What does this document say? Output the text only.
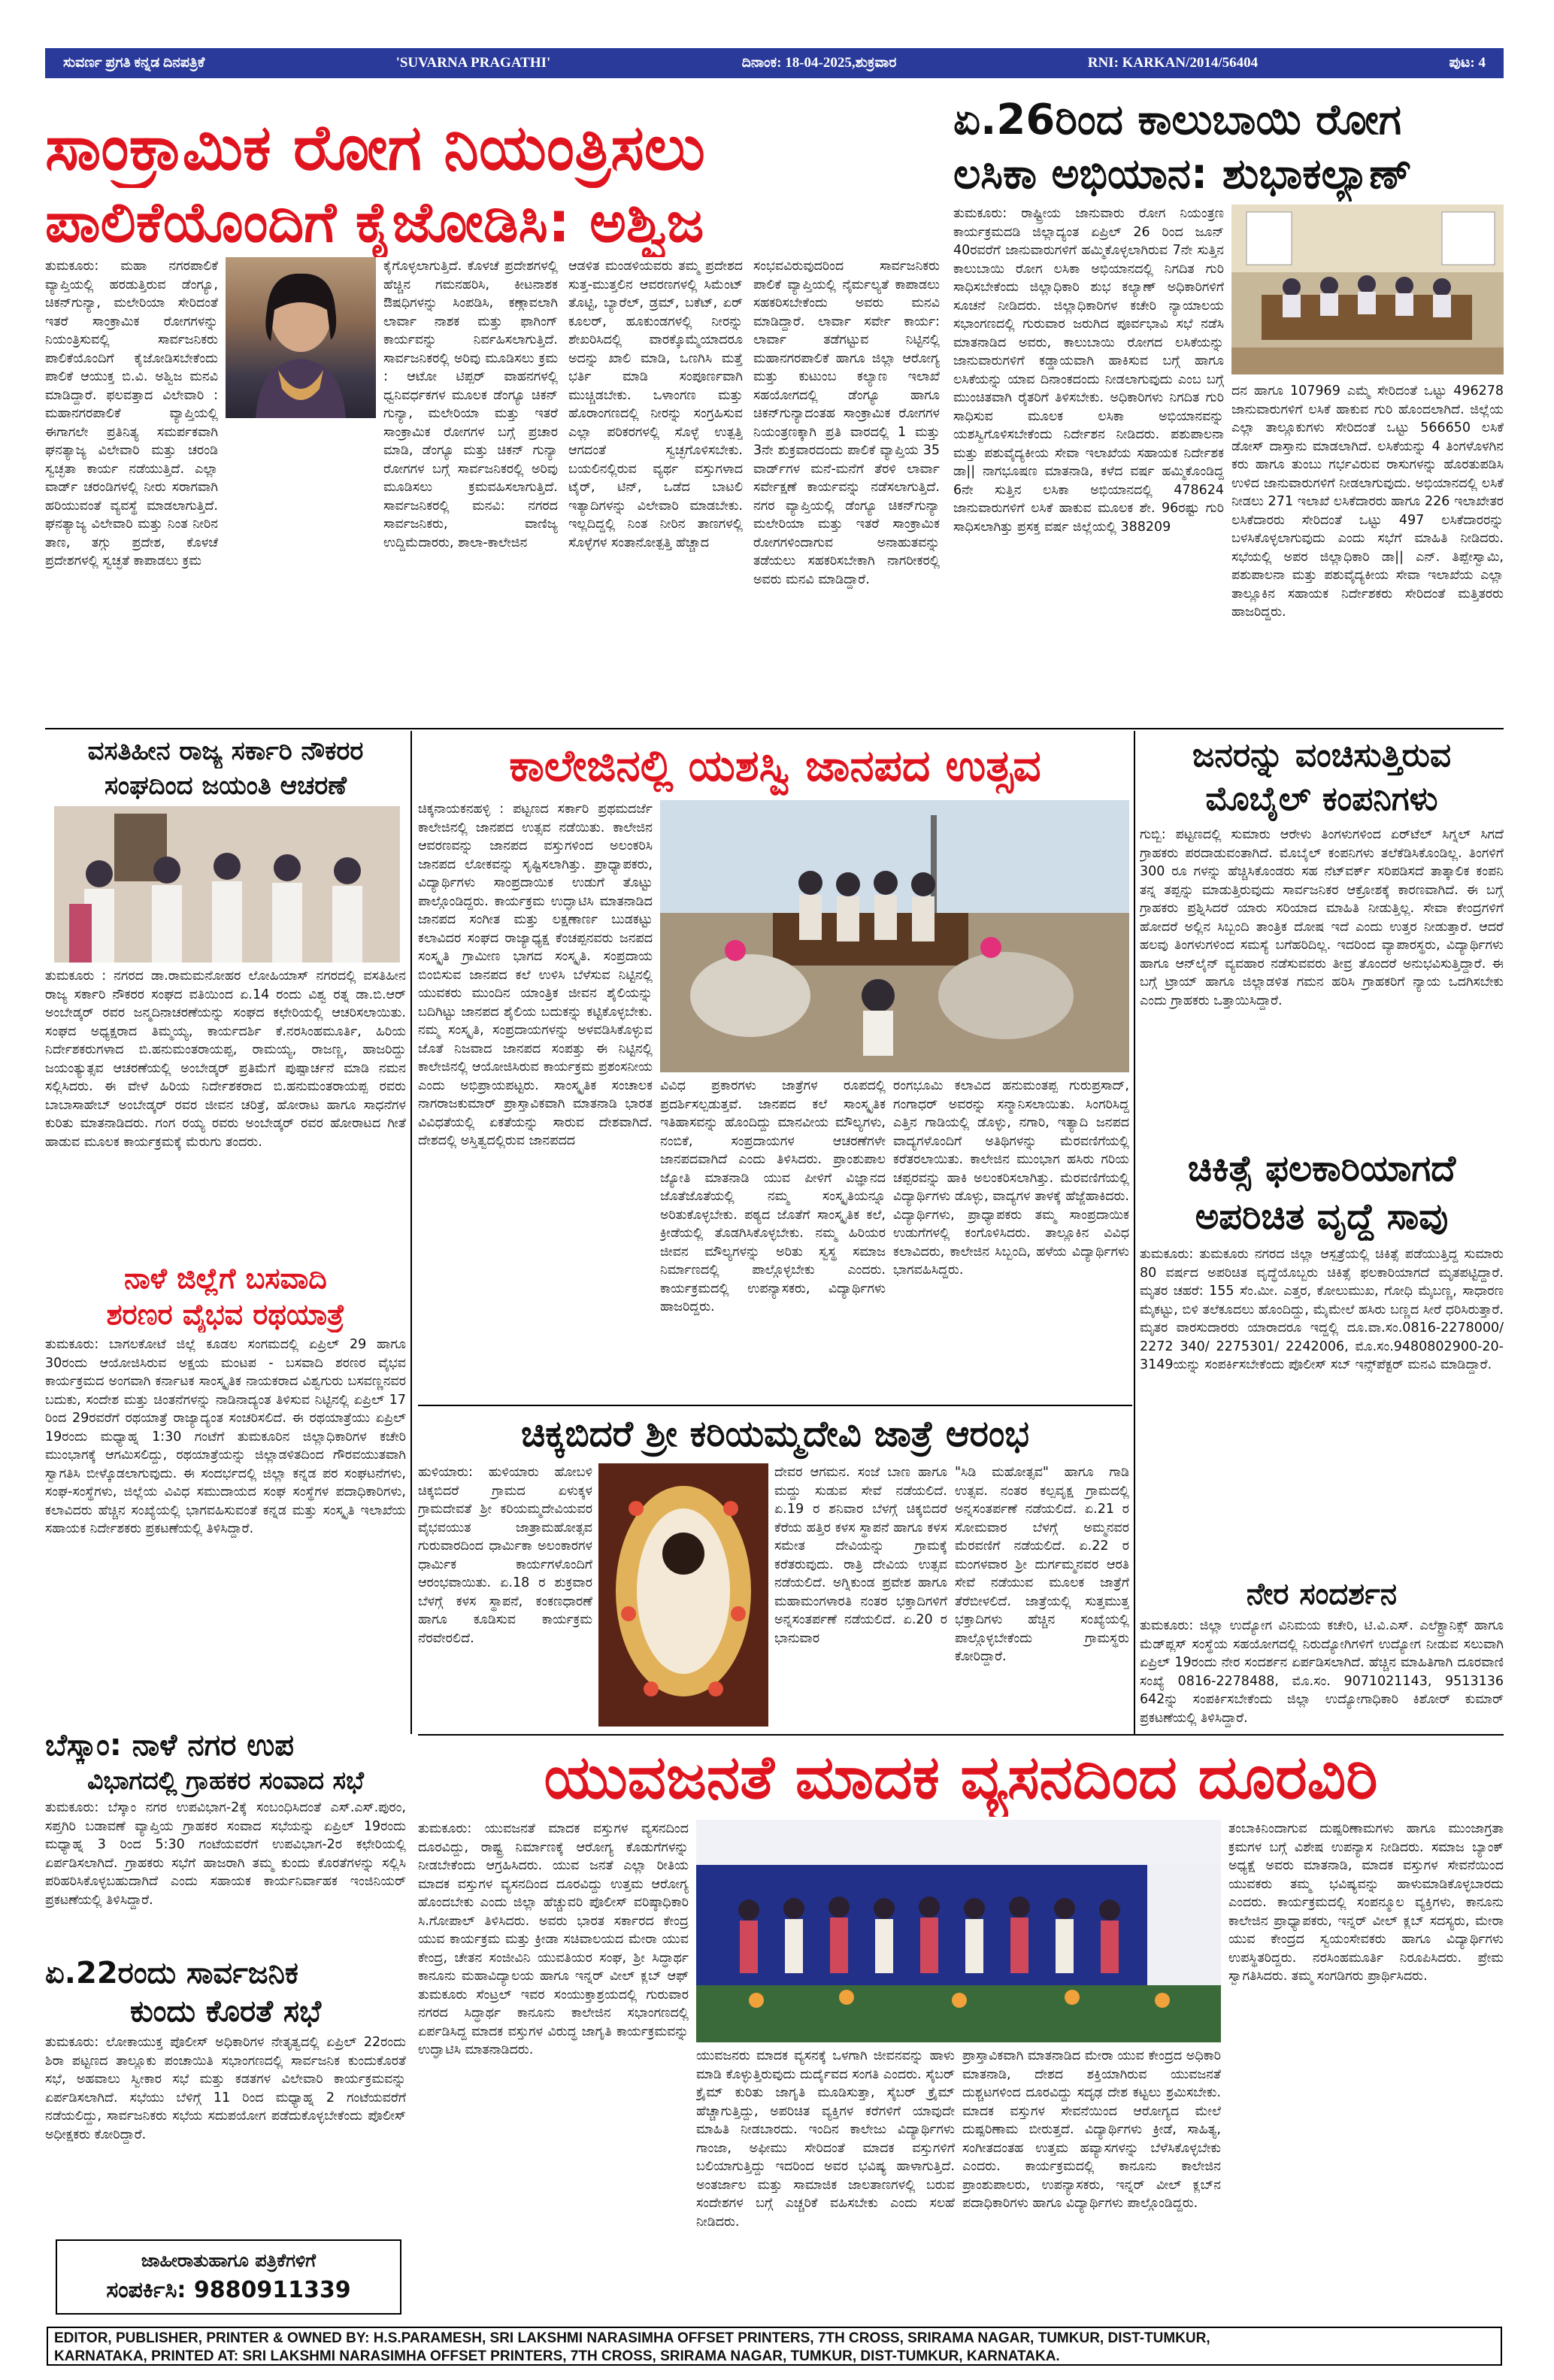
ಸುವರ್ಣ ಪ್ರಗತಿ ಕನ್ನಡ ದಿನಪತ್ರಿಕೆ	'SUVARNA PRAGATHI'	ದಿನಾಂಕ: 18-04-2025,ಶುಕ್ರವಾರ	RNI: KARKAN/2014/56404	ಪುಟ: 4
ಸಾಂಕ್ರಾಮಿಕ ರೋಗ ನಿಯಂತ್ರಿಸಲು
ಪಾಲಿಕೆಯೊಂದಿಗೆ ಕೈಜೋಡಿಸಿ: ಅಶ್ವಿಜ
ತುಮಕೂರು: ಮಹಾ ನಗರಪಾಲಿಕೆ ವ್ಯಾಪ್ತಿಯಲ್ಲಿ ಹರಡುತ್ತಿರುವ ಡೆಂಗ್ಯೂ, ಚಿಕನ್‌ಗುನ್ಯಾ, ಮಲೇರಿಯಾ ಸೇರಿದಂತೆ ಇತರೆ ಸಾಂಕ್ರಾಮಿಕ ರೋಗಗಳನ್ನು ನಿಯಂತ್ರಿಸುವಲ್ಲಿ ಸಾರ್ವಜನಿಕರು ಪಾಲಿಕೆಯೊಂದಿಗೆ ಕೈಜೋಡಿಸಬೇಕೆಂದು ಪಾಲಿಕೆ ಆಯುಕ್ತ ಬಿ.ವಿ. ಅಶ್ವಿಜ ಮನವಿ ಮಾಡಿದ್ದಾರೆ. ಫಲವತ್ತಾದ ವಿಲೇವಾರಿ : ಮಹಾನಗರಪಾಲಿಕೆ ವ್ಯಾಪ್ತಿಯಲ್ಲಿ ಈಗಾಗಲೇ ಪ್ರತಿನಿತ್ಯ ಸಮರ್ಪಕವಾಗಿ ಘನತ್ಯಾಜ್ಯ ವಿಲೇವಾರಿ ಮತ್ತು ಚರಂಡಿ ಸ್ವಚ್ಛತಾ ಕಾರ್ಯ ನಡೆಯುತ್ತಿದೆ. ಎಲ್ಲಾ ವಾರ್ಡ್ ಚರಂಡಿಗಳಲ್ಲಿ ನೀರು ಸರಾಗವಾಗಿ ಹರಿಯುವಂತೆ ವ್ಯವಸ್ಥೆ ಮಾಡಲಾಗುತ್ತಿದೆ. ಘನತ್ಯಾಜ್ಯ ವಿಲೇವಾರಿ ಮತ್ತು ನಿಂತ ನೀರಿನ ತಾಣ, ತಗ್ಗು ಪ್ರದೇಶ, ಕೊಳಚೆ ಪ್ರದೇಶಗಳಲ್ಲಿ ಸ್ವಚ್ಛತೆ ಕಾಪಾಡಲು ಕ್ರಮ
ಕೈಗೊಳ್ಳಲಾಗುತ್ತಿದೆ. ಕೊಳಚೆ ಪ್ರದೇಶಗಳಲ್ಲಿ ಹೆಚ್ಚಿನ ಗಮನಹರಿಸಿ, ಕೀಟನಾಶಕ ಔಷಧಿಗಳನ್ನು ಸಿಂಪಡಿಸಿ, ಕಣ್ಗಾವಲಾಗಿ ಲಾರ್ವಾ ನಾಶಕ ಮತ್ತು ಫಾಗಿಂಗ್ ಕಾರ್ಯವನ್ನು ನಿರ್ವಹಿಸಲಾಗುತ್ತಿದೆ. ಸಾರ್ವಜನಿಕರಲ್ಲಿ ಅರಿವು ಮೂಡಿಸಲು ಕ್ರಮ : ಆಟೋ ಟಿಪ್ಪರ್ ವಾಹನಗಳಲ್ಲಿ ಧ್ವನಿವರ್ಧಕಗಳ ಮೂಲಕ ಡೆಂಗ್ಯೂ ಚಿಕನ್ ಗುನ್ಯಾ, ಮಲೇರಿಯಾ ಮತ್ತು ಇತರೆ ಸಾಂಕ್ರಾಮಿಕ ರೋಗಗಳ ಬಗ್ಗೆ ಪ್ರಚಾರ ಮಾಡಿ, ಡೆಂಗ್ಯೂ ಮತ್ತು ಚಿಕನ್ ಗುನ್ಯಾ ರೋಗಗಳ ಬಗ್ಗೆ ಸಾರ್ವಜನಿಕರಲ್ಲಿ ಅರಿವು ಮೂಡಿಸಲು ಕ್ರಮವಹಿಸಲಾಗುತ್ತಿದೆ. ಸಾರ್ವಜನಿಕರಲ್ಲಿ ಮನವಿ: ನಗರದ ಸಾರ್ವಜನಿಕರು, ವಾಣಿಜ್ಯ ಉದ್ದಿಮೆದಾರರು, ಶಾಲಾ-ಕಾಲೇಜಿನ
ಆಡಳಿತ ಮಂಡಳಿಯವರು ತಮ್ಮ ಪ್ರದೇಶದ ಸುತ್ತ-ಮುತ್ತಲಿನ ಆವರಣಗಳಲ್ಲಿ ಸಿಮೆಂಟ್ ತೊಟ್ಟಿ, ಬ್ಯಾರೆಲ್, ಡ್ರಮ್, ಬಕೆಟ್, ಏರ್ ಕೂಲರ್, ಹೂಕುಂಡಗಳಲ್ಲಿ ನೀರನ್ನು ಶೇಖರಿಸಿದಲ್ಲಿ ವಾರಕ್ಕೊಮ್ಮೆಯಾದರೂ ಅದನ್ನು ಖಾಲಿ ಮಾಡಿ, ಒಣಗಿಸಿ ಮತ್ತೆ ಭರ್ತಿ ಮಾಡಿ ಸಂಪೂರ್ಣವಾಗಿ ಮುಚ್ಚಿಡಬೇಕು. ಒಳಾಂಗಣ ಮತ್ತು ಹೊರಾಂಗಣದಲ್ಲಿ ನೀರನ್ನು ಸಂಗ್ರಹಿಸುವ ಎಲ್ಲಾ ಪರಿಕರಗಳಲ್ಲಿ ಸೊಳ್ಳೆ ಉತ್ಪತ್ತಿ ಆಗದಂತೆ ಸ್ವಚ್ಛಗೊಳಿಸಬೇಕು. ಬಯಲಿನಲ್ಲಿರುವ ವ್ಯರ್ಥ ವಸ್ತುಗಳಾದ ಟೈರ್, ಟಿನ್, ಒಡೆದ ಬಾಟಲಿ ಇತ್ಯಾದಿಗಳನ್ನು ವಿಲೇವಾರಿ ಮಾಡಬೇಕು. ಇಲ್ಲದಿದ್ದಲ್ಲಿ ನಿಂತ ನೀರಿನ ತಾಣಗಳಲ್ಲಿ ಸೊಳ್ಳೆಗಳ ಸಂತಾನೋತ್ಪತ್ತಿ ಹೆಚ್ಚಾದ
ಸಂಭವವಿರುವುದರಿಂದ ಸಾರ್ವಜನಿಕರು ಪಾಲಿಕೆ ವ್ಯಾಪ್ತಿಯಲ್ಲಿ ನೈರ್ಮಲ್ಯತೆ ಕಾಪಾಡಲು ಸಹಕರಿಸಬೇಕೆಂದು ಅವರು ಮನವಿ ಮಾಡಿದ್ದಾರೆ. ಲಾರ್ವಾ ಸರ್ವೇ ಕಾರ್ಯ: ಲಾರ್ವಾ ತಡೆಗಟ್ಟುವ ನಿಟ್ಟಿನಲ್ಲಿ ಮಹಾನಗರಪಾಲಿಕೆ ಹಾಗೂ ಜಿಲ್ಲಾ ಆರೋಗ್ಯ ಮತ್ತು ಕುಟುಂಬ ಕಲ್ಯಾಣ ಇಲಾಖೆ ಸಹಯೋಗದಲ್ಲಿ ಡೆಂಗ್ಯೂ ಹಾಗೂ ಚಿಕನ್‌ಗುನ್ಯಾದಂತಹ ಸಾಂಕ್ರಾಮಿಕ ರೋಗಗಳ ನಿಯಂತ್ರಣಕ್ಕಾಗಿ ಪ್ರತಿ ವಾರದಲ್ಲಿ 1 ಮತ್ತು 3ನೇ ಶುಕ್ರವಾರದಂದು ಪಾಲಿಕೆ ವ್ಯಾಪ್ತಿಯ 35 ವಾರ್ಡ್‌ಗಳ ಮನೆ-ಮನೆಗೆ ತೆರಳಿ ಲಾರ್ವಾ ಸರ್ವೇಕ್ಷಣೆ ಕಾರ್ಯವನ್ನು ನಡೆಸಲಾಗುತ್ತಿದೆ. ನಗರ ವ್ಯಾಪ್ತಿಯಲ್ಲಿ ಡೆಂಗ್ಯೂ ಚಿಕನ್‌ಗುನ್ಯಾ ಮಲೇರಿಯಾ ಮತ್ತು ಇತರೆ ಸಾಂಕ್ರಾಮಿಕ ರೋಗಗಳಿಂದಾಗುವ ಅನಾಹುತವನ್ನು ತಡೆಯಲು ಸಹಕರಿಸಬೇಕಾಗಿ ನಾಗರೀಕರಲ್ಲಿ ಅವರು ಮನವಿ ಮಾಡಿದ್ದಾರೆ.
ಏ.26ರಿಂದ ಕಾಲುಬಾಯಿ ರೋಗ
ಲಸಿಕಾ ಅಭಿಯಾನ: ಶುಭಾಕಲ್ಯಾಣ್
ತುಮಕೂರು: ರಾಷ್ಟ್ರೀಯ ಜಾನುವಾರು ರೋಗ ನಿಯಂತ್ರಣ ಕಾರ್ಯಕ್ರಮದಡಿ ಜಿಲ್ಲಾದ್ಯಂತ ಏಪ್ರಿಲ್ 26 ರಿಂದ ಜೂನ್ 40ರವರೆಗೆ ಜಾನುವಾರುಗಳಿಗೆ ಹಮ್ಮಿಕೊಳ್ಳಲಾಗಿರುವ 7ನೇ ಸುತ್ತಿನ ಕಾಲುಬಾಯಿ ರೋಗ ಲಸಿಕಾ ಅಭಿಯಾನದಲ್ಲಿ ನಿಗದಿತ ಗುರಿ ಸಾಧಿಸಬೇಕೆಂದು ಜಿಲ್ಲಾಧಿಕಾರಿ ಶುಭ ಕಲ್ಯಾಣ್ ಅಧಿಕಾರಿಗಳಿಗೆ ಸೂಚನೆ ನೀಡಿದರು. ಜಿಲ್ಲಾಧಿಕಾರಿಗಳ ಕಚೇರಿ ನ್ಯಾಯಾಲಯ ಸಭಾಂಗಣದಲ್ಲಿ ಗುರುವಾರ ಜರುಗಿದ ಪೂರ್ವಭಾವಿ ಸಭೆ ನಡೆಸಿ ಮಾತನಾಡಿದ ಅವರು, ಕಾಲುಬಾಯಿ ರೋಗದ ಲಸಿಕೆಯನ್ನು ಜಾನುವಾರುಗಳಿಗೆ ಕಡ್ಡಾಯವಾಗಿ ಹಾಕಿಸುವ ಬಗ್ಗೆ ಹಾಗೂ ಲಸಿಕೆಯನ್ನು ಯಾವ ದಿನಾಂಕದಂದು ನೀಡಲಾಗುವುದು ಎಂಬ ಬಗ್ಗೆ ಮುಂಚಿತವಾಗಿ ರೈತರಿಗೆ ತಿಳಿಸಬೇಕು. ಅಧಿಕಾರಿಗಳು ನಿಗದಿತ ಗುರಿ ಸಾಧಿಸುವ ಮೂಲಕ ಲಸಿಕಾ ಅಭಿಯಾನವನ್ನು ಯಶಸ್ವಿಗೊಳಿಸಬೇಕೆಂದು ನಿರ್ದೇಶನ ನೀಡಿದರು. ಪಶುಪಾಲನಾ ಮತ್ತು ಪಶುವೈದ್ಯಕೀಯ ಸೇವಾ ಇಲಾಖೆಯ ಸಹಾಯಕ ನಿರ್ದೇಶಕ ಡಾ|| ನಾಗಭೂಷಣ ಮಾತನಾಡಿ, ಕಳೆದ ವರ್ಷ ಹಮ್ಮಿಕೊಂಡಿದ್ದ 6ನೇ ಸುತ್ತಿನ ಲಸಿಕಾ ಅಭಿಯಾನದಲ್ಲಿ 478624 ಜಾನುವಾರುಗಳಿಗೆ ಲಸಿಕೆ ಹಾಕುವ ಮೂಲಕ ಶೇ. 96ರಷ್ಟು ಗುರಿ ಸಾಧಿಸಲಾಗಿತ್ತು ಪ್ರಸಕ್ತ ವರ್ಷ ಜಿಲ್ಲೆಯಲ್ಲಿ 388209
ದನ ಹಾಗೂ 107969 ಎಮ್ಮೆ ಸೇರಿದಂತೆ ಒಟ್ಟು 496278 ಜಾನುವಾರುಗಳಿಗೆ ಲಸಿಕೆ ಹಾಕುವ ಗುರಿ ಹೊಂದಲಾಗಿದೆ. ಜಿಲ್ಲೆಯ ಎಲ್ಲಾ ತಾಲ್ಲೂಕುಗಳು ಸೇರಿದಂತೆ ಒಟ್ಟು 566650 ಲಸಿಕೆ ಡೋಸ್ ದಾಸ್ತಾನು ಮಾಡಲಾಗಿದೆ. ಲಸಿಕೆಯನ್ನು 4 ತಿಂಗಳೊಳಗಿನ ಕರು ಹಾಗೂ ತುಂಬು ಗರ್ಭವಿರುವ ರಾಸುಗಳನ್ನು ಹೊರತುಪಡಿಸಿ ಉಳಿದ ಜಾನುವಾರುಗಳಿಗೆ ನೀಡಲಾಗುವುದು. ಅಭಿಯಾನದಲ್ಲಿ ಲಸಿಕೆ ನೀಡಲು 271 ಇಲಾಖೆ ಲಸಿಕೆದಾರರು ಹಾಗೂ 226 ಇಲಾಖೇತರ ಲಸಿಕೆದಾರರು ಸೇರಿದಂತೆ ಒಟ್ಟು 497 ಲಸಿಕೆದಾರರನ್ನು ಬಳಸಿಕೊಳ್ಳಲಾಗುವುದು ಎಂದು ಸಭೆಗೆ ಮಾಹಿತಿ ನೀಡಿದರು. ಸಭೆಯಲ್ಲಿ ಅಪರ ಜಿಲ್ಲಾಧಿಕಾರಿ ಡಾ|| ಎನ್. ತಿಪ್ಪೇಸ್ವಾಮಿ, ಪಶುಪಾಲನಾ ಮತ್ತು ಪಶುವೈದ್ಯಕೀಯ ಸೇವಾ ಇಲಾಖೆಯ ಎಲ್ಲಾ ತಾಲ್ಲೂಕಿನ ಸಹಾಯಕ ನಿರ್ದೇಶಕರು ಸೇರಿದಂತೆ ಮತ್ತಿತರರು ಹಾಜರಿದ್ದರು.
ವಸತಿಹೀನ ರಾಜ್ಯ ಸರ್ಕಾರಿ ನೌಕರರ
ಸಂಘದಿಂದ ಜಯಂತಿ ಆಚರಣೆ
ತುಮಕೂರು : ನಗರದ ಡಾ.ರಾಮಮನೋಹರ ಲೋಹಿಯಾಸ್ ನಗರದಲ್ಲಿ ವಸತಿಹೀನ ರಾಜ್ಯ ಸರ್ಕಾರಿ ನೌಕರರ ಸಂಘದ ವತಿಯಿಂದ ಏ.14 ರಂದು ವಿಶ್ವ ರತ್ನ ಡಾ.ಬಿ.ಆರ್ ಅಂಬೇಡ್ಕರ್ ರವರ ಜನ್ಮದಿನಾಚರಣೆಯನ್ನು ಸಂಘದ ಕಛೇರಿಯಲ್ಲಿ ಆಚರಿಸಲಾಯಿತು. ಸಂಘದ ಅಧ್ಯಕ್ಷರಾದ ತಿಮ್ಮಯ್ಯ, ಕಾರ್ಯದರ್ಶಿ ಕೆ.ನರಸಿಂಹಮೂರ್ತಿ, ಹಿರಿಯ ನಿರ್ದೇಶಕರುಗಳಾದ ಬಿ.ಹನುಮಂತರಾಯಪ್ಪ, ರಾಮಯ್ಯ, ರಾಜಣ್ಣ, ಹಾಜರಿದ್ದು ಜಯಂತ್ಯುತ್ಸವ ಆಚರಣೆಯಲ್ಲಿ ಅಂಬೇಡ್ಕರ್ ಪ್ರತಿಮೆಗೆ ಪುಷ್ಪಾರ್ಚನೆ ಮಾಡಿ ನಮನ ಸಲ್ಲಿಸಿದರು. ಈ ವೇಳೆ ಹಿರಿಯ ನಿರ್ದೇಶಕರಾದ ಬಿ.ಹನುಮಂತರಾಯಪ್ಪ ರವರು ಬಾಬಾಸಾಹೇಬ್ ಅಂಬೇಡ್ಕರ್ ರವರ ಜೀವನ ಚರಿತ್ರೆ, ಹೋರಾಟ ಹಾಗೂ ಸಾಧನೆಗಳ ಕುರಿತು ಮಾತನಾಡಿದರು. ಗಂಗ ರಯ್ಯ ರವರು ಅಂಬೇಡ್ಕರ್ ರವರ ಹೋರಾಟದ ಗೀತೆ ಹಾಡುವ ಮೂಲಕ ಕಾರ್ಯಕ್ರಮಕ್ಕೆ ಮೆರುಗು ತಂದರು.
ನಾಳೆ ಜಿಲ್ಲೆಗೆ ಬಸವಾದಿ
ಶರಣರ ವೈಭವ ರಥಯಾತ್ರೆ
ತುಮಕೂರು: ಬಾಗಲಕೋಟೆ ಜಿಲ್ಲೆ ಕೂಡಲ ಸಂಗಮದಲ್ಲಿ ಏಪ್ರಿಲ್ 29 ಹಾಗೂ 30ರಂದು ಆಯೋಜಿಸಿರುವ ಅಕ್ಷಯ ಮಂಟಪ - ಬಸವಾದಿ ಶರಣರ ವೈಭವ ಕಾರ್ಯಕ್ರಮದ ಅಂಗವಾಗಿ ಕರ್ನಾಟಕ ಸಾಂಸ್ಕೃತಿಕ ನಾಯಕರಾದ ವಿಶ್ವಗುರು ಬಸವಣ್ಣನವರ ಬದುಕು, ಸಂದೇಶ ಮತ್ತು ಚಿಂತನೆಗಳನ್ನು ನಾಡಿನಾದ್ಯಂತ ತಿಳಿಸುವ ನಿಟ್ಟಿನಲ್ಲಿ ಏಪ್ರಿಲ್ 17 ರಿಂದ 29ರವರೆಗೆ ರಥಯಾತ್ರೆ ರಾಜ್ಯಾದ್ಯಂತ ಸಂಚರಿಸಲಿದೆ. ಈ ರಥಯಾತ್ರೆಯು ಏಪ್ರಿಲ್ 19ರಂದು ಮಧ್ಯಾಹ್ನ 1:30 ಗಂಟೆಗೆ ತುಮಕೂರಿನ ಜಿಲ್ಲಾಧಿಕಾರಿಗಳ ಕಚೇರಿ ಮುಂಭಾಗಕ್ಕೆ ಆಗಮಿಸಲಿದ್ದು, ರಥಯಾತ್ರೆಯನ್ನು ಜಿಲ್ಲಾಡಳಿತದಿಂದ ಗೌರವಯುತವಾಗಿ ಸ್ವಾಗತಿಸಿ ಬೀಳ್ಕೊಡಲಾಗುವುದು. ಈ ಸಂದರ್ಭದಲ್ಲಿ ಜಿಲ್ಲಾ ಕನ್ನಡ ಪರ ಸಂಘಟನೆಗಳು, ಸಂಘ-ಸಂಸ್ಥೆಗಳು, ಜಿಲ್ಲೆಯ ವಿವಿಧ ಸಮುದಾಯದ ಸಂಘ ಸಂಸ್ಥೆಗಳ ಪದಾಧಿಕಾರಿಗಳು, ಕಲಾವಿದರು ಹೆಚ್ಚಿನ ಸಂಖ್ಯೆಯಲ್ಲಿ ಭಾಗವಹಿಸುವಂತೆ ಕನ್ನಡ ಮತ್ತು ಸಂಸ್ಕೃತಿ ಇಲಾಖೆಯ ಸಹಾಯಕ ನಿರ್ದೇಶಕರು ಪ್ರಕಟಣೆಯಲ್ಲಿ ತಿಳಿಸಿದ್ದಾರೆ.
ಬೆಸ್ಕಾಂ: ನಾಳೆ ನಗರ ಉಪ
ವಿಭಾಗದಲ್ಲಿ ಗ್ರಾಹಕರ ಸಂವಾದ ಸಭೆ
ತುಮಕೂರು: ಬೆಸ್ಕಾಂ ನಗರ ಉಪವಿಭಾಗ-2ಕ್ಕೆ ಸಂಬಂಧಿಸಿದಂತೆ ಎಸ್.ಎಸ್.ಪುರಂ, ಸಪ್ತಗಿರಿ ಬಡಾವಣೆ ವ್ಯಾಪ್ತಿಯ ಗ್ರಾಹಕರ ಸಂವಾದ ಸಭೆಯನ್ನು ಏಪ್ರಿಲ್ 19ರಂದು ಮಧ್ಯಾಹ್ನ 3 ರಿಂದ 5:30 ಗಂಟೆಯವರೆಗೆ ಉಪವಿಭಾಗ-2ರ ಕಛೇರಿಯಲ್ಲಿ ಏರ್ಪಡಿಸಲಾಗಿದೆ. ಗ್ರಾಹಕರು ಸಭೆಗೆ ಹಾಜರಾಗಿ ತಮ್ಮ ಕುಂದು ಕೊರತೆಗಳನ್ನು ಸಲ್ಲಿಸಿ ಪರಿಹರಿಸಿಕೊಳ್ಳಬಹುದಾಗಿದೆ ಎಂದು ಸಹಾಯಕ ಕಾರ್ಯನಿರ್ವಾಹಕ ಇಂಜಿನಿಯರ್ ಪ್ರಕಟಣೆಯಲ್ಲಿ ತಿಳಿಸಿದ್ದಾರೆ.
ಏ.22ರಂದು ಸಾರ್ವಜನಿಕ
ಕುಂದು ಕೊರತೆ ಸಭೆ
ತುಮಕೂರು: ಲೋಕಾಯುಕ್ತ ಪೊಲೀಸ್ ಅಧಿಕಾರಿಗಳ ನೇತೃತ್ವದಲ್ಲಿ ಏಪ್ರಿಲ್ 22ರಂದು ಶಿರಾ ಪಟ್ಟಣದ ತಾಲ್ಲೂಕು ಪಂಚಾಯಿತಿ ಸಭಾಂಗಣದಲ್ಲಿ ಸಾರ್ವಜನಿಕ ಕುಂದುಕೊರತೆ ಸಭೆ, ಅಹವಾಲು ಸ್ವೀಕಾರ ಸಭೆ ಮತ್ತು ಕಡತಗಳ ವಿಲೇವಾರಿ ಕಾರ್ಯಕ್ರಮವನ್ನು ಏರ್ಪಡಿಸಲಾಗಿದೆ. ಸಭೆಯು ಬೆಳಿಗ್ಗೆ 11 ರಿಂದ ಮಧ್ಯಾಹ್ನ 2 ಗಂಟೆಯವರೆಗೆ ನಡೆಯಲಿದ್ದು, ಸಾರ್ವಜನಿಕರು ಸಭೆಯ ಸದುಪಯೋಗ ಪಡೆದುಕೊಳ್ಳಬೇಕೆಂದು ಪೊಲೀಸ್ ಅಧೀಕ್ಷಕರು ಕೋರಿದ್ದಾರೆ.
ಜಾಹೀರಾತುಹಾಗೂ ಪತ್ರಿಕೆಗಳಿಗೆ
ಸಂಪರ್ಕಿಸಿ: 9880911339
ಕಾಲೇಜಿನಲ್ಲಿ ಯಶಸ್ವಿ ಜಾನಪದ ಉತ್ಸವ
ಚಿಕ್ಕನಾಯಕನಹಳ್ಳಿ : ಪಟ್ಟಣದ ಸರ್ಕಾರಿ ಪ್ರಥಮದರ್ಜೆ ಕಾಲೇಜಿನಲ್ಲಿ ಜಾನಪದ ಉತ್ಸವ ನಡೆಯಿತು. ಕಾಲೇಜಿನ ಆವರಣವನ್ನು ಜಾನಪದ ವಸ್ತುಗಳಿಂದ ಅಲಂಕರಿಸಿ ಜಾನಪದ ಲೋಕವನ್ನು ಸೃಷ್ಟಿಸಲಾಗಿತ್ತು. ಪ್ರಾಧ್ಯಾಪಕರು, ವಿದ್ಯಾರ್ಥಿಗಳು ಸಾಂಪ್ರದಾಯಿಕ ಉಡುಗೆ ತೊಟ್ಟು ಪಾಲ್ಗೊಂಡಿದ್ದರು. ಕಾರ್ಯಕ್ರಮ ಉದ್ಘಾಟಿಸಿ ಮಾತನಾಡಿದ ಜಾನಪದ ಸಂಗೀತ ಮತ್ತು ಲಕ್ಷಣಾರ್ಣ ಬುಡಕಟ್ಟು ಕಲಾವಿದರ ಸಂಘದ ರಾಜ್ಯಾಧ್ಯಕ್ಷ ಕೆಂಚಪ್ಪನವರು ಜನಪದ ಸಂಸ್ಕೃತಿ ಗ್ರಾಮೀಣ ಭಾಗದ ಸಂಸ್ಕೃತಿ. ಸಂಪ್ರದಾಯ ಬಿಂಬಿಸುವ ಜಾನಪದ ಕಲೆ ಉಳಿಸಿ ಬೆಳೆಸುವ ನಿಟ್ಟಿನಲ್ಲಿ ಯುವಕರು ಮುಂದಿನ ಯಾಂತ್ರಿಕ ಜೀವನ ಶೈಲಿಯನ್ನು ಬದಿಗಿಟ್ಟು ಜಾನಪದ ಶೈಲಿಯ ಬದುಕನ್ನು ಕಟ್ಟಿಕೊಳ್ಳಬೇಕು. ನಮ್ಮ ಸಂಸ್ಕೃತಿ, ಸಂಪ್ರದಾಯಗಳನ್ನು ಅಳವಡಿಸಿಕೊಳ್ಳುವ ಜೊತೆ ನಿಜವಾದ ಜಾನಪದ ಸಂಪತ್ತು ಈ ನಿಟ್ಟಿನಲ್ಲಿ ಕಾಲೇಜಿನಲ್ಲಿ ಆಯೋಜಿಸಿರುವ ಕಾರ್ಯಕ್ರಮ ಪ್ರಶಂಸನೀಯ ಎಂದು ಅಭಿಪ್ರಾಯಪಟ್ಟರು. ಸಾಂಸ್ಕೃತಿಕ ಸಂಚಾಲಕ ನಾಗರಾಜಕುಮಾರ್ ಪ್ರಾಸ್ತಾವಿಕವಾಗಿ ಮಾತನಾಡಿ ಭಾರತ ವಿವಿಧತೆಯಲ್ಲಿ ಏಕತೆಯನ್ನು ಸಾರುವ ದೇಶವಾಗಿದೆ. ದೇಶದಲ್ಲಿ ಅಸ್ತಿತ್ವದಲ್ಲಿರುವ ಜಾನಪದದ
ವಿವಿಧ ಪ್ರಕಾರಗಳು ಜಾತ್ರೆಗಳ ರೂಪದಲ್ಲಿ ಪ್ರದರ್ಶಿಸಲ್ಪಡುತ್ತವೆ. ಜಾನಪದ ಕಲೆ ಸಾಂಸ್ಕೃತಿಕ ಇತಿಹಾಸವನ್ನು ಹೊಂದಿದ್ದು ಮಾನವೀಯ ಮೌಲ್ಯಗಳು, ನಂಬಿಕೆ, ಸಂಪ್ರದಾಯಗಳ ಆಚರಣೆಗಳೇ ಜಾನಪದವಾಗಿದೆ ಎಂದು ತಿಳಿಸಿದರು. ಪ್ರಾಂಶುಪಾಲ ಜ್ಯೋತಿ ಮಾತನಾಡಿ ಯುವ ಪೀಳಿಗೆ ವಿಜ್ಞಾನದ ಜೊತೆಜೊತೆಯಲ್ಲಿ ನಮ್ಮ ಸಂಸ್ಕೃತಿಯನ್ನೂ ಅರಿತುಕೊಳ್ಳಬೇಕು. ಪಠ್ಯದ ಜೊತೆಗೆ ಸಾಂಸ್ಕೃತಿಕ ಕಲೆ, ಕ್ರೀಡೆಯಲ್ಲಿ ತೊಡಗಿಸಿಕೊಳ್ಳಬೇಕು. ನಮ್ಮ ಹಿರಿಯರ ಜೀವನ ಮೌಲ್ಯಗಳನ್ನು ಅರಿತು ಸ್ವಸ್ಥ ಸಮಾಜ ನಿರ್ಮಾಣದಲ್ಲಿ ಪಾಲ್ಗೊಳ್ಳಬೇಕು ಎಂದರು. ಕಾರ್ಯಕ್ರಮದಲ್ಲಿ ಉಪನ್ಯಾಸಕರು, ವಿದ್ಯಾರ್ಥಿಗಳು ಹಾಜರಿದ್ದರು.
ರಂಗಭೂಮಿ ಕಲಾವಿದ ಹನುಮಂತಪ್ಪ ಗುರುಪ್ರಸಾದ್, ಗಂಗಾಧರ್ ಅವರನ್ನು ಸನ್ಮಾನಿಸಲಾಯಿತು. ಸಿಂಗರಿಸಿದ್ದ ಎತ್ತಿನ ಗಾಡಿಯಲ್ಲಿ ಡೊಳ್ಳು, ನಗಾರಿ, ಇತ್ಯಾದಿ ಜನಪದ ವಾದ್ಯಗಳೊಂದಿಗೆ ಅತಿಥಿಗಳನ್ನು ಮೆರವಣಿಗೆಯಲ್ಲಿ ಕರೆತರಲಾಯಿತು. ಕಾಲೇಜಿನ ಮುಂಭಾಗ ಹಸಿರು ಗರಿಯ ಚಪ್ಪರವನ್ನು ಹಾಕಿ ಅಲಂಕರಿಸಲಾಗಿತ್ತು. ಮೆರವಣಿಗೆಯಲ್ಲಿ ವಿದ್ಯಾರ್ಥಿಗಳು ಡೊಳ್ಳು, ವಾದ್ಯಗಳ ತಾಳಕ್ಕೆ ಹೆಜ್ಜೆಹಾಕಿದರು. ವಿದ್ಯಾರ್ಥಿಗಳು, ಪ್ರಾಧ್ಯಾಪಕರು ತಮ್ಮ ಸಾಂಪ್ರದಾಯಿಕ ಉಡುಗೆಗಳಲ್ಲಿ ಕಂಗೊಳಿಸಿದರು. ತಾಲ್ಲೂಕಿನ ವಿವಿಧ ಕಲಾವಿದರು, ಕಾಲೇಜಿನ ಸಿಬ್ಬಂದಿ, ಹಳೆಯ ವಿದ್ಯಾರ್ಥಿಗಳು ಭಾಗವಹಿಸಿದ್ದರು.
ಚಿಕ್ಕಬಿದರೆ ಶ್ರೀ ಕರಿಯಮ್ಮದೇವಿ ಜಾತ್ರೆ ಆರಂಭ
ಹುಳಿಯಾರು: ಹುಳಿಯಾರು ಹೋಬಳಿ ಚಿಕ್ಕಬಿದರೆ ಗ್ರಾಮದ ಏಳುಕ್ಕಳ ಗ್ರಾಮದೇವತೆ ಶ್ರೀ ಕರಿಯಮ್ಮದೇವಿಯವರ ವೈಭವಯುತ ಜಾತ್ರಾಮಹೋತ್ಸವ ಗುರುವಾರದಿಂದ ಧಾರ್ಮಿಕಾ ಅಲಂಕಾರಗಳ ಧಾರ್ಮಿಕ ಕಾರ್ಯಗಳೊಂದಿಗೆ ಆರಂಭವಾಯಿತು. ಏ.18 ರ ಶುಕ್ರವಾರ ಬೆಳಗ್ಗೆ ಕಳಸ ಸ್ಥಾಪನೆ, ಕಂಕಣಧಾರಣೆ ಹಾಗೂ ಕೂಡಿಸುವ ಕಾರ್ಯಕ್ರಮ ನೆರವೇರಲಿದೆ.
ದೇವರ ಆಗಮನ. ಸಂಜೆ ಬಾಣ ಹಾಗೂ ಮದ್ದು ಸುಡುವ ಸೇವೆ ನಡೆಯಲಿದೆ. ಏ.19 ರ ಶನಿವಾರ ಬೆಳಗ್ಗೆ ಚಿಕ್ಕಬಿದರೆ ಕೆರೆಯ ಹತ್ತಿರ ಕಳಸ ಸ್ಥಾಪನೆ ಹಾಗೂ ಕಳಸ ಸಮೇತ ದೇವಿಯನ್ನು ಗ್ರಾಮಕ್ಕೆ ಕರೆತರುವುದು. ರಾತ್ರಿ ದೇವಿಯ ಉತ್ಸವ ನಡೆಯಲಿದೆ. ಅಗ್ನಿಕುಂಡ ಪ್ರವೇಶ ಹಾಗೂ ಮಹಾಮಂಗಳಾರತಿ ನಂತರ ಭಕ್ತಾದಿಗಳಿಗೆ ಅನ್ನಸಂತರ್ಪಣೆ ನಡೆಯಲಿದೆ. ಏ.20 ರ ಭಾನುವಾರ
"ಸಿಡಿ ಮಹೋತ್ಸವ" ಹಾಗೂ ಗಾಡಿ ಉತ್ಸವ. ನಂತರ ಕಲ್ಪವೃಕ್ಷ ಗ್ರಾಮದಲ್ಲಿ ಅನ್ನಸಂತರ್ಪಣೆ ನಡೆಯಲಿದೆ. ಏ.21 ರ ಸೋಮವಾರ ಬೆಳಗ್ಗೆ ಅಮ್ಮನವರ ಮೆರವಣಿಗೆ ನಡೆಯಲಿದೆ. ಏ.22 ರ ಮಂಗಳವಾರ ಶ್ರೀ ದುರ್ಗಮ್ಮನವರ ಆರತಿ ಸೇವೆ ನಡೆಯುವ ಮೂಲಕ ಜಾತ್ರೆಗೆ ತೆರೆಬೀಳಲಿದೆ. ಜಾತ್ರೆಯಲ್ಲಿ ಸುತ್ತಮುತ್ತ ಭಕ್ತಾದಿಗಳು ಹೆಚ್ಚಿನ ಸಂಖ್ಯೆಯಲ್ಲಿ ಪಾಲ್ಗೊಳ್ಳಬೇಕೆಂದು ಗ್ರಾಮಸ್ಥರು ಕೋರಿದ್ದಾರೆ.
ಜನರನ್ನು ವಂಚಿಸುತ್ತಿರುವ
ಮೊಬೈಲ್ ಕಂಪನಿಗಳು
ಗುಬ್ಬಿ: ಪಟ್ಟಣದಲ್ಲಿ ಸುಮಾರು ಆರೇಳು ತಿಂಗಳುಗಳಿಂದ ಏರ್‌ಟೆಲ್ ಸಿಗ್ನಲ್ ಸಿಗದೆ ಗ್ರಾಹಕರು ಪರದಾಡುವಂತಾಗಿದೆ. ಮೊಬೈಲ್ ಕಂಪನಿಗಳು ತಲೆಕೆಡಿಸಿಕೊಂಡಿಲ್ಲ. ತಿಂಗಳಿಗೆ 300 ರೂ ಗಳನ್ನು ಹೆಚ್ಚಿಸಿಕೊಂಡರು ಸಹ ನೆಟ್‌ವರ್ಕ್ ಸರಿಪಡಿಸದೆ ತಾತ್ಕಾಲಿಕ ಕಂಪನಿ ತನ್ನ ತಪ್ಪನ್ನು ಮಾಡುತ್ತಿರುವುದು ಸಾರ್ವಜನಿಕರ ಆಕ್ರೋಶಕ್ಕೆ ಕಾರಣವಾಗಿದೆ. ಈ ಬಗ್ಗೆ ಗ್ರಾಹಕರು ಪ್ರಶ್ನಿಸಿದರೆ ಯಾರು ಸರಿಯಾದ ಮಾಹಿತಿ ನೀಡುತ್ತಿಲ್ಲ. ಸೇವಾ ಕೇಂದ್ರಗಳಿಗೆ ಹೋದರೆ ಅಲ್ಲಿನ ಸಿಬ್ಬಂದಿ ತಾಂತ್ರಿಕ ದೋಷ ಇದೆ ಎಂದು ಉತ್ತರ ನೀಡುತ್ತಾರೆ. ಆದರೆ ಹಲವು ತಿಂಗಳುಗಳಿಂದ ಸಮಸ್ಯೆ ಬಗೆಹರಿದಿಲ್ಲ. ಇದರಿಂದ ವ್ಯಾಪಾರಸ್ಥರು, ವಿದ್ಯಾರ್ಥಿಗಳು ಹಾಗೂ ಆನ್‌ಲೈನ್ ವ್ಯವಹಾರ ನಡೆಸುವವರು ತೀವ್ರ ತೊಂದರೆ ಅನುಭವಿಸುತ್ತಿದ್ದಾರೆ. ಈ ಬಗ್ಗೆ ಟ್ರಾಯ್ ಹಾಗೂ ಜಿಲ್ಲಾಡಳಿತ ಗಮನ ಹರಿಸಿ ಗ್ರಾಹಕರಿಗೆ ನ್ಯಾಯ ಒದಗಿಸಬೇಕು ಎಂದು ಗ್ರಾಹಕರು ಒತ್ತಾಯಿಸಿದ್ದಾರೆ.
ಚಿಕಿತ್ಸೆ ಫಲಕಾರಿಯಾಗದೆ
ಅಪರಿಚಿತ ವೃದ್ಧೆ ಸಾವು
ತುಮಕೂರು: ತುಮಕೂರು ನಗರದ ಜಿಲ್ಲಾ ಆಸ್ಪತ್ರೆಯಲ್ಲಿ ಚಿಕಿತ್ಸೆ ಪಡೆಯುತ್ತಿದ್ದ ಸುಮಾರು 80 ವರ್ಷದ ಅಪರಿಚಿತ ವೃದ್ಧೆಯೊಬ್ಬರು ಚಿಕಿತ್ಸೆ ಫಲಕಾರಿಯಾಗದೆ ಮೃತಪಟ್ಟಿದ್ದಾರೆ. ಮೃತರ ಚಹರೆ: 155 ಸೆಂ.ಮೀ. ಎತ್ತರ, ಕೋಲುಮುಖ, ಗೋಧಿ ಮೈಬಣ್ಣ, ಸಾಧಾರಣ ಮೈಕಟ್ಟು, ಬಿಳಿ ತಲೆಕೂದಲು ಹೊಂದಿದ್ದು, ಮೈಮೇಲೆ ಹಸಿರು ಬಣ್ಣದ ಸೀರೆ ಧರಿಸಿರುತ್ತಾರೆ. ಮೃತರ ವಾರಸುದಾರರು ಯಾರಾದರೂ ಇದ್ದಲ್ಲಿ ದೂ.ವಾ.ಸಂ.0816-2278000/ 2272 340/ 2275301/ 2242006, ಮೊ.ಸಂ.9480802900-20-3149ಯನ್ನು ಸಂಪರ್ಕಿಸಬೇಕೆಂದು ಪೊಲೀಸ್ ಸಬ್ ಇನ್ಸ್‌ಪೆಕ್ಟರ್ ಮನವಿ ಮಾಡಿದ್ದಾರೆ.
ನೇರ ಸಂದರ್ಶನ
ತುಮಕೂರು: ಜಿಲ್ಲಾ ಉದ್ಯೋಗ ವಿನಿಮಯ ಕಚೇರಿ, ಟಿ.ವಿ.ಎಸ್. ಎಲೆಕ್ಟ್ರಾನಿಕ್ಸ್ ಹಾಗೂ ಮೆಡ್‌ಪ್ಲಸ್ ಸಂಸ್ಥೆಯ ಸಹಯೋಗದಲ್ಲಿ ನಿರುದ್ಯೋಗಿಗಳಿಗೆ ಉದ್ಯೋಗ ನೀಡುವ ಸಲುವಾಗಿ ಏಪ್ರಿಲ್ 19ರಂದು ನೇರ ಸಂದರ್ಶನ ಏರ್ಪಡಿಸಲಾಗಿದೆ. ಹೆಚ್ಚಿನ ಮಾಹಿತಿಗಾಗಿ ದೂರವಾಣಿ ಸಂಖ್ಯೆ 0816-2278488, ಮೊ.ಸಂ. 9071021143, 9513136 642ನ್ನು ಸಂಪರ್ಕಿಸಬೇಕೆಂದು ಜಿಲ್ಲಾ ಉದ್ಯೋಗಾಧಿಕಾರಿ ಕಿಶೋರ್ ಕುಮಾರ್ ಪ್ರಕಟಣೆಯಲ್ಲಿ ತಿಳಿಸಿದ್ದಾರೆ.
ಯುವಜನತೆ ಮಾದಕ ವ್ಯಸನದಿಂದ ದೂರವಿರಿ
ತುಮಕೂರು: ಯುವಜನತೆ ಮಾದಕ ವಸ್ತುಗಳ ವ್ಯಸನದಿಂದ ದೂರವಿದ್ದು, ರಾಷ್ಟ್ರ ನಿರ್ಮಾಣಕ್ಕೆ ಆರೋಗ್ಯ ಕೊಡುಗೆಗಳನ್ನು ನೀಡಬೇಕೆಂದು ಆಗ್ರಹಿಸಿದರು. ಯುವ ಜನತೆ ಎಲ್ಲಾ ರೀತಿಯ ಮಾದಕ ವಸ್ತುಗಳ ವ್ಯಸನದಿಂದ ದೂರವಿದ್ದು ಉತ್ತಮ ಆರೋಗ್ಯ ಹೊಂದಬೇಕು ಎಂದು ಜಿಲ್ಲಾ ಹೆಚ್ಚುವರಿ ಪೊಲೀಸ್ ವರಿಷ್ಠಾಧಿಕಾರಿ ಸಿ.ಗೋಪಾಲ್ ತಿಳಿಸಿದರು. ಅವರು ಭಾರತ ಸರ್ಕಾರದ ಕೇಂದ್ರ ಯುವ ಕಾರ್ಯಕ್ರಮ ಮತ್ತು ಕ್ರೀಡಾ ಸಚಿವಾಲಯದ ಮೇರಾ ಯುವ ಕೇಂದ್ರ, ಚೇತನ ಸಂಜೀವಿನಿ ಯುವತಿಯರ ಸಂಘ, ಶ್ರೀ ಸಿದ್ಧಾರ್ಥ ಕಾನೂನು ಮಹಾವಿದ್ಯಾಲಯ ಹಾಗೂ ಇನ್ನರ್ ವೀಲ್ ಕ್ಲಬ್ ಆಫ್ ತುಮಕೂರು ಸೆಂಟ್ರಲ್ ಇವರ ಸಂಯುಕ್ತಾಶ್ರಯದಲ್ಲಿ ಗುರುವಾರ ನಗರದ ಸಿದ್ಧಾರ್ಥ ಕಾನೂನು ಕಾಲೇಜಿನ ಸಭಾಂಗಣದಲ್ಲಿ ಏರ್ಪಡಿಸಿದ್ದ ಮಾದಕ ವಸ್ತುಗಳ ವಿರುದ್ಧ ಜಾಗೃತಿ ಕಾರ್ಯಕ್ರಮವನ್ನು ಉದ್ಘಾಟಿಸಿ ಮಾತನಾಡಿದರು.	ಯುವಜನರು ಮಾದಕ ವ್ಯಸನಕ್ಕೆ ಒಳಗಾಗಿ ಜೀವನವನ್ನು ಹಾಳು ಮಾಡಿ ಕೊಳ್ಳುತ್ತಿರುವುದು ದುರ್ದೈವದ ಸಂಗತಿ ಎಂದರು. ಸೈಬರ್ ಕ್ರೈಮ್ ಕುರಿತು ಜಾಗೃತಿ ಮೂಡಿಸುತ್ತಾ, ಸೈಬರ್ ಕ್ರೈಮ್ ಹೆಚ್ಚಾಗುತ್ತಿದ್ದು, ಅಪರಿಚಿತ ವ್ಯಕ್ತಿಗಳ ಕರೆಗಳಿಗೆ ಯಾವುದೇ ಮಾಹಿತಿ ನೀಡಬಾರದು. ಇಂದಿನ ಕಾಲೇಜು ವಿದ್ಯಾರ್ಥಿಗಳು ಗಾಂಜಾ, ಅಫೀಮು ಸೇರಿದಂತೆ ಮಾದಕ ವಸ್ತುಗಳಿಗೆ ಬಲಿಯಾಗುತ್ತಿದ್ದು ಇದರಿಂದ ಅವರ ಭವಿಷ್ಯ ಹಾಳಾಗುತ್ತಿದೆ. ಅಂತರ್ಜಾಲ ಮತ್ತು ಸಾಮಾಜಿಕ ಜಾಲತಾಣಗಳಲ್ಲಿ ಬರುವ ಸಂದೇಶಗಳ ಬಗ್ಗೆ ಎಚ್ಚರಿಕೆ ವಹಿಸಬೇಕು ಎಂದು ಸಲಹೆ ನೀಡಿದರು.
ಪ್ರಾಸ್ತಾವಿಕವಾಗಿ ಮಾತನಾಡಿದ ಮೇರಾ ಯುವ ಕೇಂದ್ರದ ಅಧಿಕಾರಿ ಮಾತನಾಡಿ, ದೇಶದ ಶಕ್ತಿಯಾಗಿರುವ ಯುವಜನತೆ ದುಶ್ಚಟಗಳಿಂದ ದೂರವಿದ್ದು ಸದೃಢ ದೇಶ ಕಟ್ಟಲು ಶ್ರಮಿಸಬೇಕು. ಮಾದಕ ವಸ್ತುಗಳ ಸೇವನೆಯಿಂದ ಆರೋಗ್ಯದ ಮೇಲೆ ದುಷ್ಪರಿಣಾಮ ಬೀರುತ್ತದೆ. ವಿದ್ಯಾರ್ಥಿಗಳು ಕ್ರೀಡೆ, ಸಾಹಿತ್ಯ, ಸಂಗೀತದಂತಹ ಉತ್ತಮ ಹವ್ಯಾಸಗಳನ್ನು ಬೆಳೆಸಿಕೊಳ್ಳಬೇಕು ಎಂದರು. ಕಾರ್ಯಕ್ರಮದಲ್ಲಿ ಕಾನೂನು ಕಾಲೇಜಿನ ಪ್ರಾಂಶುಪಾಲರು, ಉಪನ್ಯಾಸಕರು, ಇನ್ನರ್ ವೀಲ್ ಕ್ಲಬ್‌ನ ಪದಾಧಿಕಾರಿಗಳು ಹಾಗೂ ವಿದ್ಯಾರ್ಥಿಗಳು ಪಾಲ್ಗೊಂಡಿದ್ದರು.
ತಂಬಾಕಿನಿಂದಾಗುವ ದುಷ್ಪರಿಣಾಮಗಳು ಹಾಗೂ ಮುಂಜಾಗ್ರತಾ ಕ್ರಮಗಳ ಬಗ್ಗೆ ವಿಶೇಷ ಉಪನ್ಯಾಸ ನೀಡಿದರು. ಸಮಾಜ ಬ್ಯಾಂಕ್ ಅಧ್ಯಕ್ಷೆ ಅವರು ಮಾತನಾಡಿ, ಮಾದಕ ವಸ್ತುಗಳ ಸೇವನೆಯಿಂದ ಯುವಕರು ತಮ್ಮ ಭವಿಷ್ಯವನ್ನು ಹಾಳುಮಾಡಿಕೊಳ್ಳಬಾರದು ಎಂದರು. ಕಾರ್ಯಕ್ರಮದಲ್ಲಿ ಸಂಪನ್ಮೂಲ ವ್ಯಕ್ತಿಗಳು, ಕಾನೂನು ಕಾಲೇಜಿನ ಪ್ರಾಧ್ಯಾಪಕರು, ಇನ್ನರ್ ವೀಲ್ ಕ್ಲಬ್ ಸದಸ್ಯರು, ಮೇರಾ ಯುವ ಕೇಂದ್ರದ ಸ್ವಯಂಸೇವಕರು ಹಾಗೂ ವಿದ್ಯಾರ್ಥಿಗಳು ಉಪಸ್ಥಿತರಿದ್ದರು. ನರಸಿಂಹಮೂರ್ತಿ ನಿರೂಪಿಸಿದರು. ಪ್ರೇಮ ಸ್ವಾಗತಿಸಿದರು. ತಮ್ಮ ಸಂಗಡಿಗರು ಪ್ರಾರ್ಥಿಸಿದರು.
EDITOR, PUBLISHER, PRINTER & OWNED BY: H.S.PARAMESH, SRI LAKSHMI NARASIMHA OFFSET PRINTERS, 7TH CROSS, SRIRAMA NAGAR, TUMKUR, DIST-TUMKUR,
KARNATAKA, PRINTED AT: SRI LAKSHMI NARASIMHA OFFSET PRINTERS, 7TH CROSS, SRIRAMA NAGAR, TUMKUR, DIST-TUMKUR, KARNATAKA.
